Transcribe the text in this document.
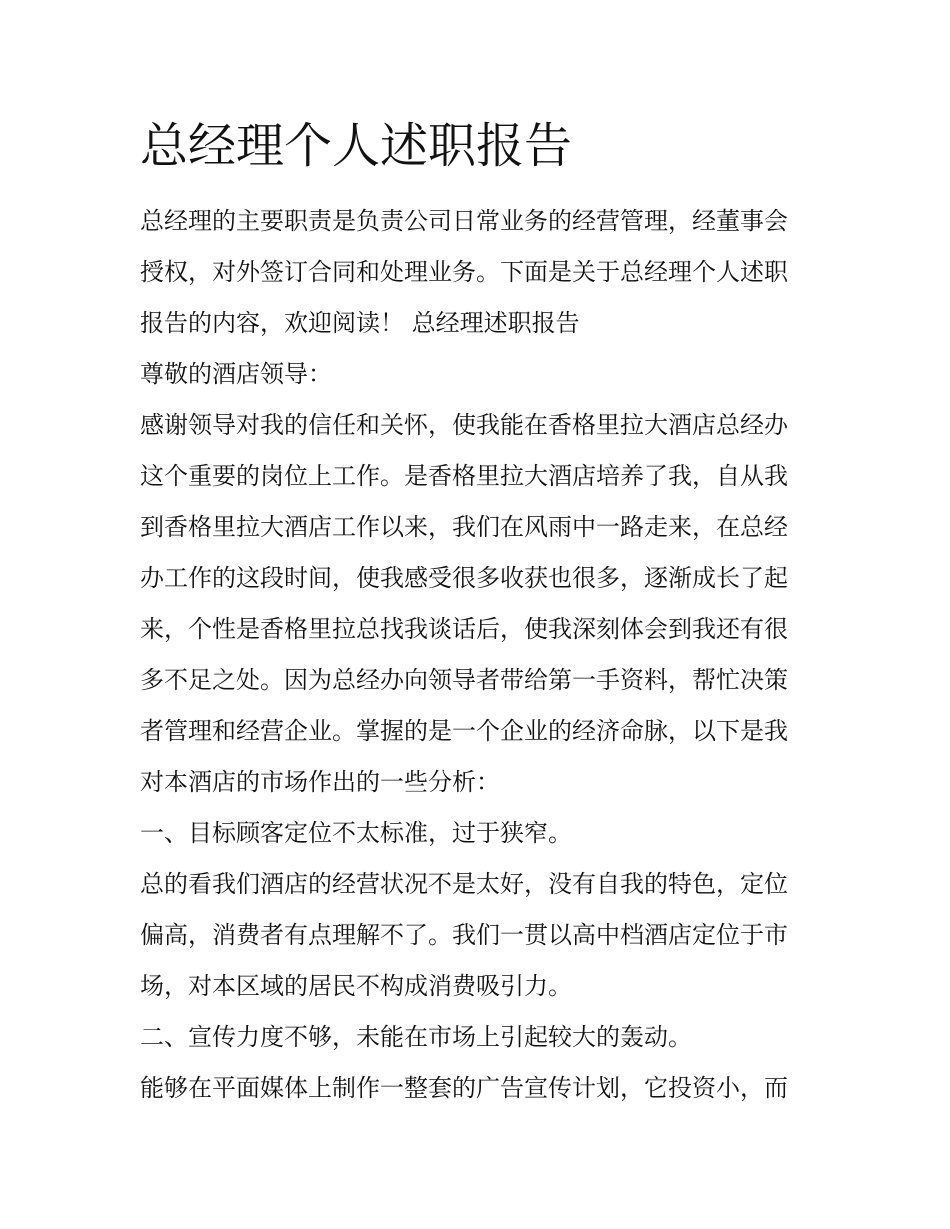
总经理个人述职报告

总经理的主要职责是负责公司日常业务的经营管理，经董事会

授权，对外签订合同和处理业务。下面是关于总经理个人述职

报告的内容，欢迎阅读！ 总经理述职报告

尊敬的酒店领导：

感谢领导对我的信任和关怀，使我能在香格里拉大酒店总经办

这个重要的岗位上工作。是香格里拉大酒店培养了我，自从我

到香格里拉大酒店工作以来，我们在风雨中一路走来，在总经

办工作的这段时间，使我感受很多收获也很多，逐渐成长了起

来，个性是香格里拉总找我谈话后，使我深刻体会到我还有很

多不足之处。因为总经办向领导者带给第一手资料，帮忙决策

者管理和经营企业。掌握的是一个企业的经济命脉，以下是我

对本酒店的市场作出的一些分析：

一、目标顾客定位不太标准，过于狭窄。

总的看我们酒店的经营状况不是太好，没有自我的特色，定位

偏高，消费者有点理解不了。我们一贯以高中档酒店定位于市

场，对本区域的居民不构成消费吸引力。

二、宣传力度不够，未能在市场上引起较大的轰动。

能够在平面媒体上制作一整套的广告宣传计划，它投资小，而
